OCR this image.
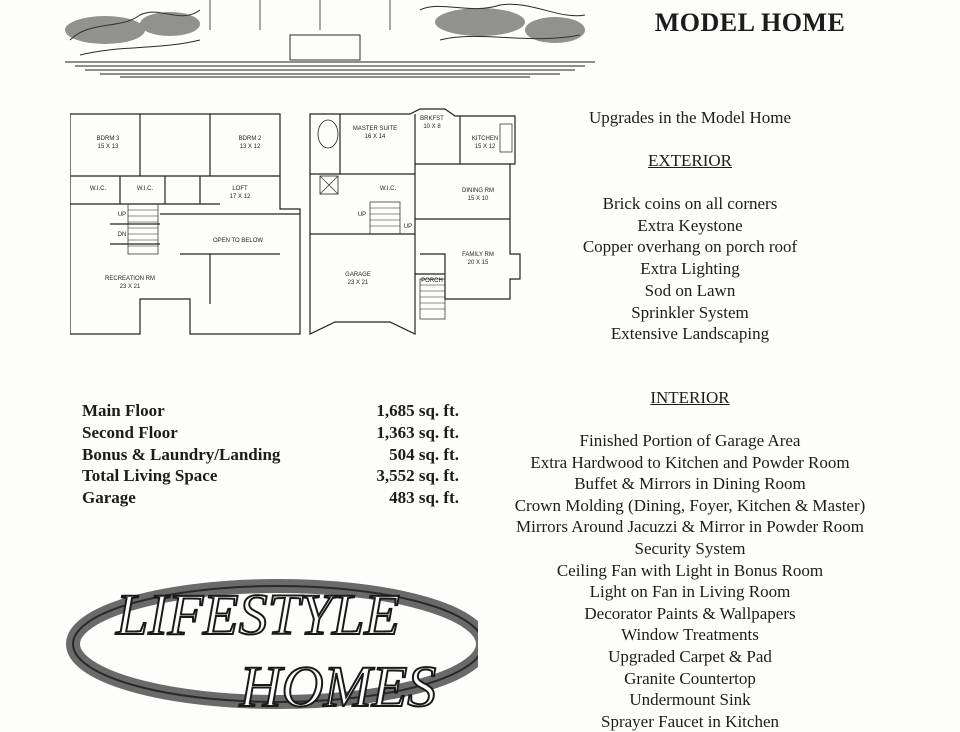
MODEL HOME
BDRM 3
15 X 13
BDRM 2
13 X 12
W.I.C.	W.I.C.	LOFT
17 X 12
UP
DN
OPEN TO BELOW
RECREATION RM
23 X 21
MASTER SUITE
16 X 14
BRKFST
10 X 8
KITCHEN
15 X 12
W.I.C.	DINING RM
15 X 10
UP
UP
FAMILY RM
20 X 15
GARAGE
23 X 21	PORCH
Upgrades in the Model Home
EXTERIOR
Brick coins on all corners
Extra Keystone
Copper overhang on porch roof
Extra Lighting
Sod on Lawn
Sprinkler System
Extensive Landscaping
INTERIOR
Finished Portion of Garage Area
Extra Hardwood to Kitchen and Powder Room
Buffet & Mirrors in Dining Room
Crown Molding (Dining, Foyer, Kitchen & Master)
Mirrors Around Jacuzzi & Mirror in Powder Room
Security System
Ceiling Fan with Light in Bonus Room
Light on Fan in Living Room
Decorator Paints & Wallpapers
Window Treatments
Upgraded Carpet & Pad
Granite Countertop
Undermount Sink
Sprayer Faucet in Kitchen
Main Floor	1,685 sq. ft.
Second Floor	1,363 sq. ft.
Bonus & Laundry/Landing	504 sq. ft.
Total Living Space	3,552 sq. ft.
Garage	483 sq. ft.
LIFESTYLE
HOMES
